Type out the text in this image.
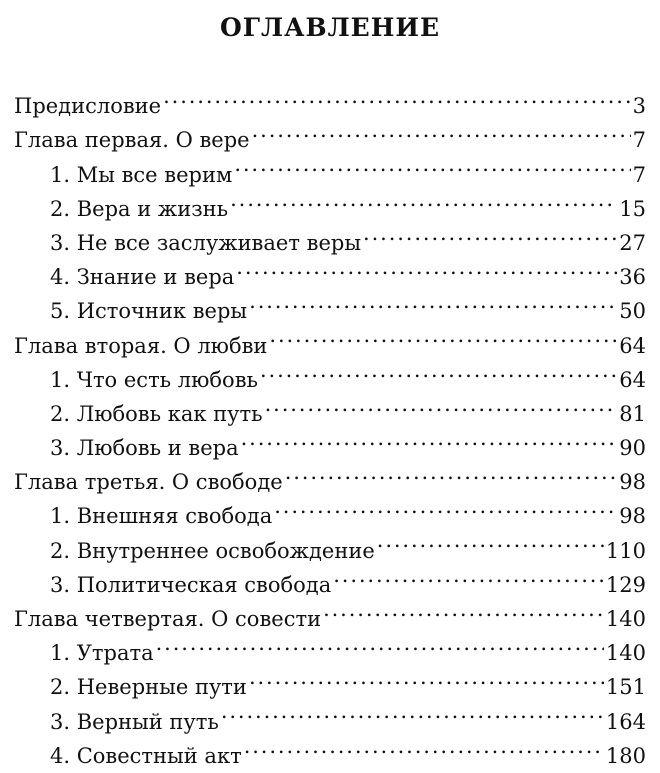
ОГЛАВЛЕНИЕ
Предисловие . . .	3
Глава первая. О вере . . .	7
1. Мы все верим . . .	7
2. Вера и жизнь . . .	15
3. Не все заслуживает веры . . .	27
4. Знание и вера . . .	36
5. Источник веры . . .	50
Глава вторая. О любви . . .	64
1. Что есть любовь . . .	64
2. Любовь как путь . . .	81
3. Любовь и вера . . .	90
Глава третья. О свободе . . .	98
1. Внешняя свобода . . .	98
2. Внутреннее освобождение . . .	110
3. Политическая свобода . . .	129
Глава четвертая. О совести . . .	140
1. Утрата . . .	140
2. Неверные пути . . .	151
3. Верный путь . . .	164
4. Совестный акт . . .	180
